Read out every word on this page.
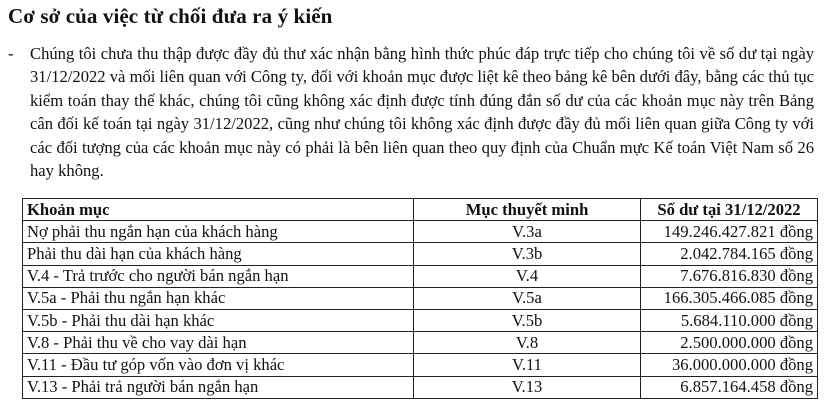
Cơ sở của việc từ chối đưa ra ý kiến
- Chúng tôi chưa thu thập được đầy đủ thư xác nhận bằng hình thức phúc đáp trực tiếp cho chúng tôi về số dư tại ngày 31/12/2022 và mối liên quan với Công ty, đối với khoản mục được liệt kê theo bảng kê bên dưới đây, bằng các thủ tục kiểm toán thay thế khác, chúng tôi cũng không xác định được tính đúng đắn số dư của các khoản mục này trên Bảng cân đối kế toán tại ngày 31/12/2022, cũng như chúng tôi không xác định được đầy đủ mối liên quan giữa Công ty với các đối tượng của các khoản mục này có phải là bên liên quan theo quy định của Chuẩn mực Kế toán Việt Nam số 26 hay không.
Khoản mục	Mục thuyết minh	Số dư tại 31/12/2022
Nợ phải thu ngắn hạn của khách hàng	V.3a	149.246.427.821 đồng
Phải thu dài hạn của khách hàng	V.3b	2.042.784.165 đồng
V.4 - Trả trước cho người bán ngắn hạn	V.4	7.676.816.830 đồng
V.5a - Phải thu ngắn hạn khác	V.5a	166.305.466.085 đồng
V.5b - Phải thu dài hạn khác	V.5b	5.684.110.000 đồng
V.8 - Phải thu về cho vay dài hạn	V.8	2.500.000.000 đồng
V.11 - Đầu tư góp vốn vào đơn vị khác	V.11	36.000.000.000 đồng
V.13 - Phải trả người bán ngắn hạn	V.13	6.857.164.458 đồng
